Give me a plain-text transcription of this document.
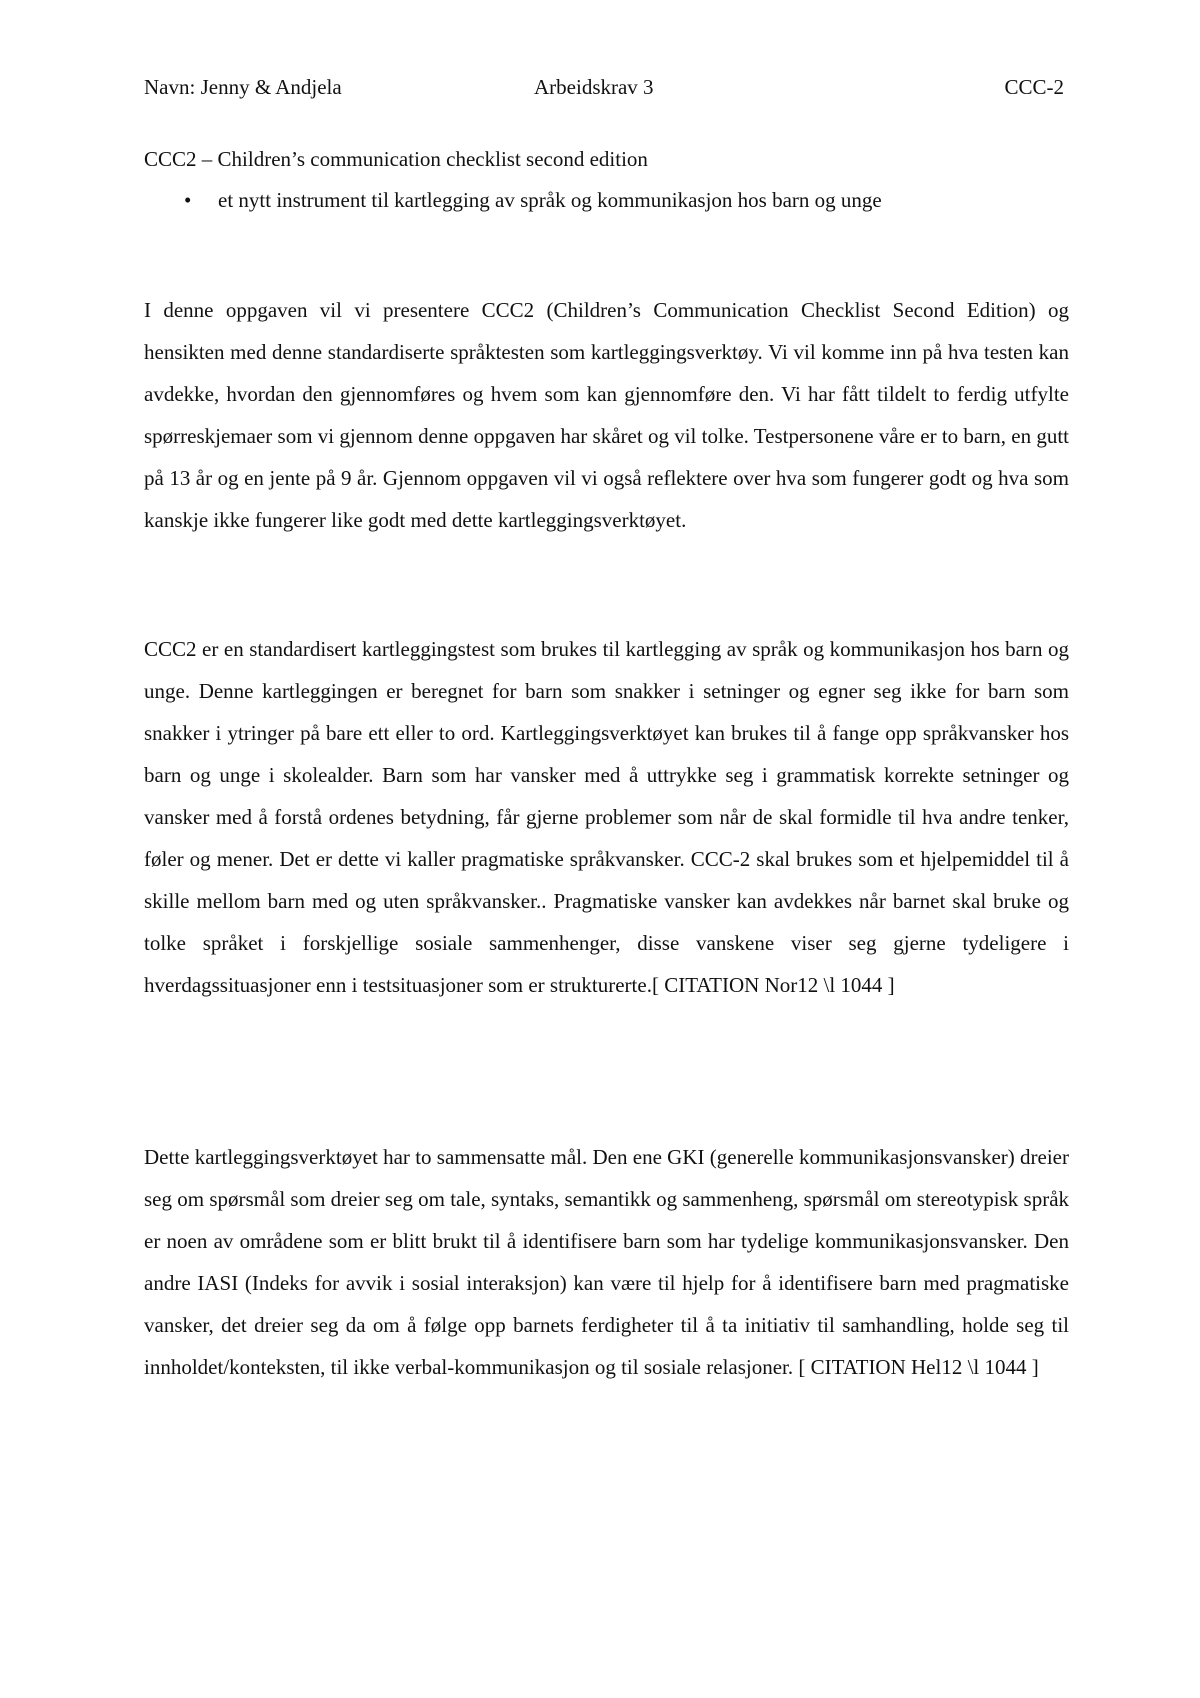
Navn: Jenny & Andjela	Arbeidskrav 3	CCC-2

CCC2 – Children’s communication checklist second edition

• et nytt instrument til kartlegging av språk og kommunikasjon hos barn og unge

I denne oppgaven vil vi presentere CCC2 (Children’s Communication Checklist Second Edition) og hensikten med denne standardiserte språktesten som kartleggingsverktøy. Vi vil komme inn på hva testen kan avdekke, hvordan den gjennomføres og hvem som kan gjennomføre den. Vi har fått tildelt to ferdig utfylte spørreskjemaer som vi gjennom denne oppgaven har skåret og vil tolke. Testpersonene våre er to barn, en gutt på 13 år og en jente på 9 år. Gjennom oppgaven vil vi også reflektere over hva som fungerer godt og hva som kanskje ikke fungerer like godt med dette kartleggingsverktøyet.

CCC2 er en standardisert kartleggingstest som brukes til kartlegging av språk og kommunikasjon hos barn og unge. Denne kartleggingen er beregnet for barn som snakker i setninger og egner seg ikke for barn som snakker i ytringer på bare ett eller to ord. Kartleggingsverktøyet kan brukes til å fange opp språkvansker hos barn og unge i skolealder. Barn som har vansker med å uttrykke seg i grammatisk korrekte setninger og vansker med å forstå ordenes betydning, får gjerne problemer som når de skal formidle til hva andre tenker, føler og mener. Det er dette vi kaller pragmatiske språkvansker. CCC-2 skal brukes som et hjelpemiddel til å skille mellom barn med og uten språkvansker.. Pragmatiske vansker kan avdekkes når barnet skal bruke og tolke språket i forskjellige sosiale sammenhenger, disse vanskene viser seg gjerne tydeligere i hverdagssituasjoner enn i testsituasjoner som er strukturerte.[ CITATION Nor12 \l 1044 ]

Dette kartleggingsverktøyet har to sammensatte mål. Den ene GKI (generelle kommunikasjonsvansker) dreier seg om spørsmål som dreier seg om tale, syntaks, semantikk og sammenheng, spørsmål om stereotypisk språk er noen av områdene som er blitt brukt til å identifisere barn som har tydelige kommunikasjonsvansker. Den andre IASI (Indeks for avvik i sosial interaksjon) kan være til hjelp for å identifisere barn med pragmatiske vansker, det dreier seg da om å følge opp barnets ferdigheter til å ta initiativ til samhandling, holde seg til innholdet/konteksten, til ikke verbal-kommunikasjon og til sosiale relasjoner. [ CITATION Hel12 \l 1044 ]
